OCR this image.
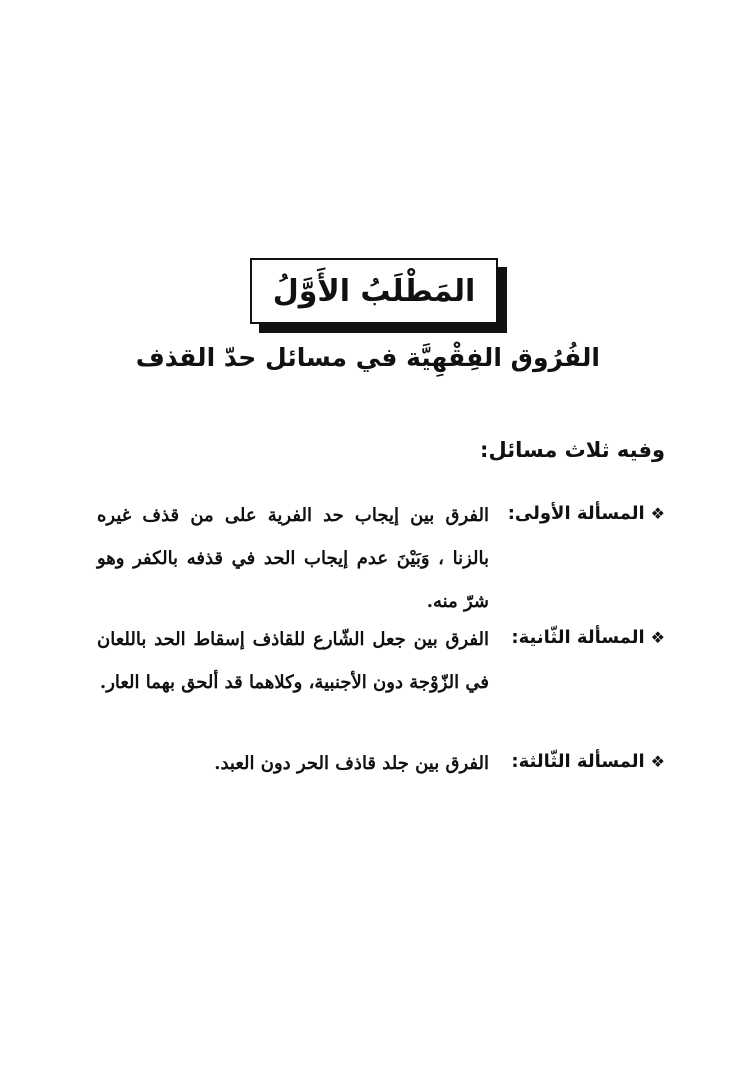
المَطْلَبُ الأَوَّلُ
الفُرُوق الفِقْهِيَّة في مسائل حدّ القذف
وفيه ثلاث مسائل:
❖
المسألة الأولى:
الفرق بين إيجاب حد الفرية على من قذف غيره بالزنا ، وَبَيْنَ عدم إيجاب الحد في قذفه بالكفر وهو شرّ منه.
❖
المسألة الثّانية:
الفرق بين جعل الشّارع للقاذف إسقاط الحد باللعان في الزّوْجة دون الأجنبية، وكلاهما قد ألحق بهما العار.
❖
المسألة الثّالثة:
الفرق بين جلد قاذف الحر دون العبد.
